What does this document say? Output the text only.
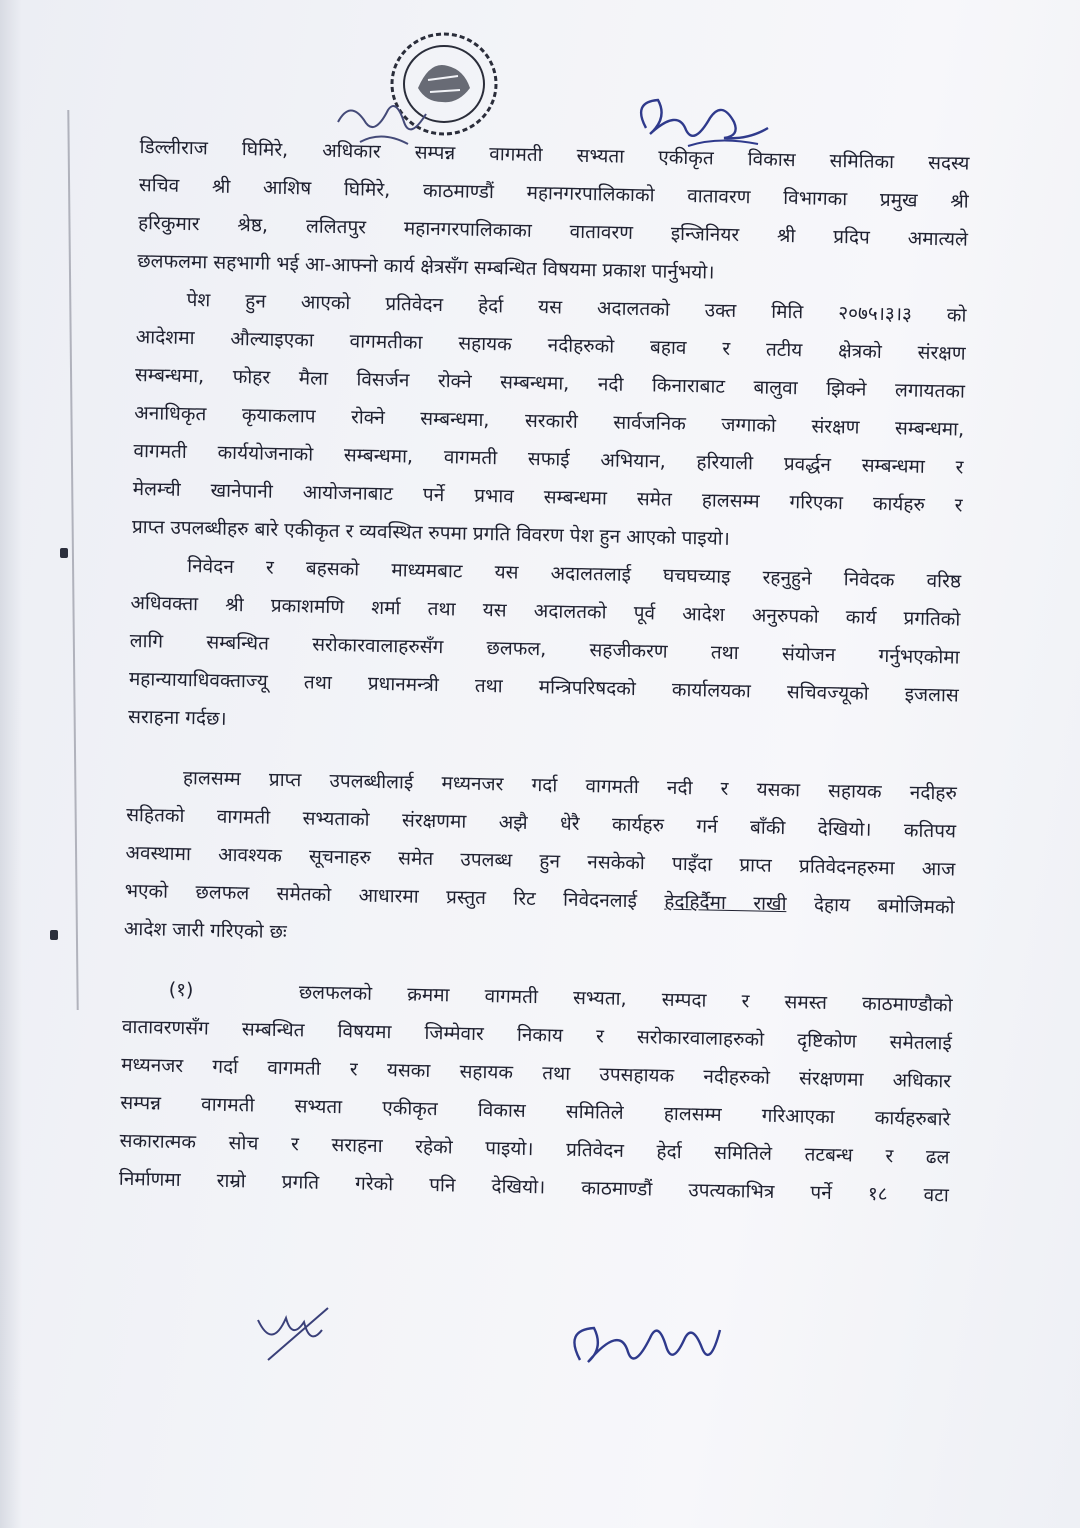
डिल्लीराज घिमिरे, अधिकार सम्पन्न वागमती सभ्यता एकीकृत विकास समितिका सदस्य
सचिव श्री आशिष घिमिरे, काठमाण्डौं महानगरपालिकाको वातावरण विभागका प्रमुख श्री
हरिकुमार श्रेष्ठ, ललितपुर महानगरपालिकाका वातावरण इन्जिनियर श्री प्रदिप अमात्यले
छलफलमा सहभागी भई आ-आफ्नो कार्य क्षेत्रसँग सम्बन्धित विषयमा प्रकाश पार्नुभयो।
पेश हुन आएको प्रतिवेदन हेर्दा यस अदालतको उक्त मिति २०७५।३।३ को
आदेशमा औल्याइएका वागमतीका सहायक नदीहरुको बहाव र तटीय क्षेत्रको संरक्षण
सम्बन्धमा, फोहर मैला विसर्जन रोक्ने सम्बन्धमा, नदी किनाराबाट बालुवा झिक्ने लगायतका
अनाधिकृत कृयाकलाप रोक्ने सम्बन्धमा, सरकारी सार्वजनिक जग्गाको संरक्षण सम्बन्धमा,
वागमती कार्ययोजनाको सम्बन्धमा, वागमती सफाई अभियान, हरियाली प्रवर्द्धन सम्बन्धमा र
मेलम्ची खानेपानी आयोजनाबाट पर्ने प्रभाव सम्बन्धमा समेत हालसम्म गरिएका कार्यहरु र
प्राप्त उपलब्धीहरु बारे एकीकृत र व्यवस्थित रुपमा प्रगति विवरण पेश हुन आएको पाइयो।
निवेदन र बहसको माध्यमबाट यस अदालतलाई घचघच्याइ रहनुहुने निवेदक वरिष्ठ
अधिवक्ता श्री प्रकाशमणि शर्मा तथा यस अदालतको पूर्व आदेश अनुरुपको कार्य प्रगतिको
लागि सम्बन्धित सरोकारवालाहरुसँग छलफल, सहजीकरण तथा संयोजन गर्नुभएकोमा
महान्यायाधिवक्ताज्यू तथा प्रधानमन्त्री तथा मन्त्रिपरिषदको कार्यालयका सचिवज्यूको इजलास
सराहना गर्दछ।
हालसम्म प्राप्त उपलब्धीलाई मध्यनजर गर्दा वागमती नदी र यसका सहायक नदीहरु
सहितको वागमती सभ्यताको संरक्षणमा अझै धेरै कार्यहरु गर्न बाँकी देखियो। कतिपय
अवस्थामा आवश्यक सूचनाहरु समेत उपलब्ध हुन नसकेको पाइँदा प्राप्त प्रतिवेदनहरुमा आज
भएको छलफल समेतको आधारमा प्रस्तुत रिट निवेदनलाई हेदहिर्दैमा राखी देहाय बमोजिमको
आदेश जारी गरिएको छः
(१)   छलफलको क्रममा वागमती सभ्यता, सम्पदा र समस्त काठमाण्डौको
वातावरणसँग सम्बन्धित विषयमा जिम्मेवार निकाय र सरोकारवालाहरुको दृष्टिकोण समेतलाई
मध्यनजर गर्दा वागमती र यसका सहायक तथा उपसहायक नदीहरुको संरक्षणमा अधिकार
सम्पन्न वागमती सभ्यता एकीकृत विकास समितिले हालसम्म गरिआएका कार्यहरुबारे
सकारात्मक सोच र सराहना रहेको पाइयो। प्रतिवेदन हेर्दा समितिले तटबन्ध र ढल
निर्माणमा राम्रो प्रगति गरेको पनि देखियो। काठमाण्डौं उपत्यकाभित्र पर्ने १८ वटा
